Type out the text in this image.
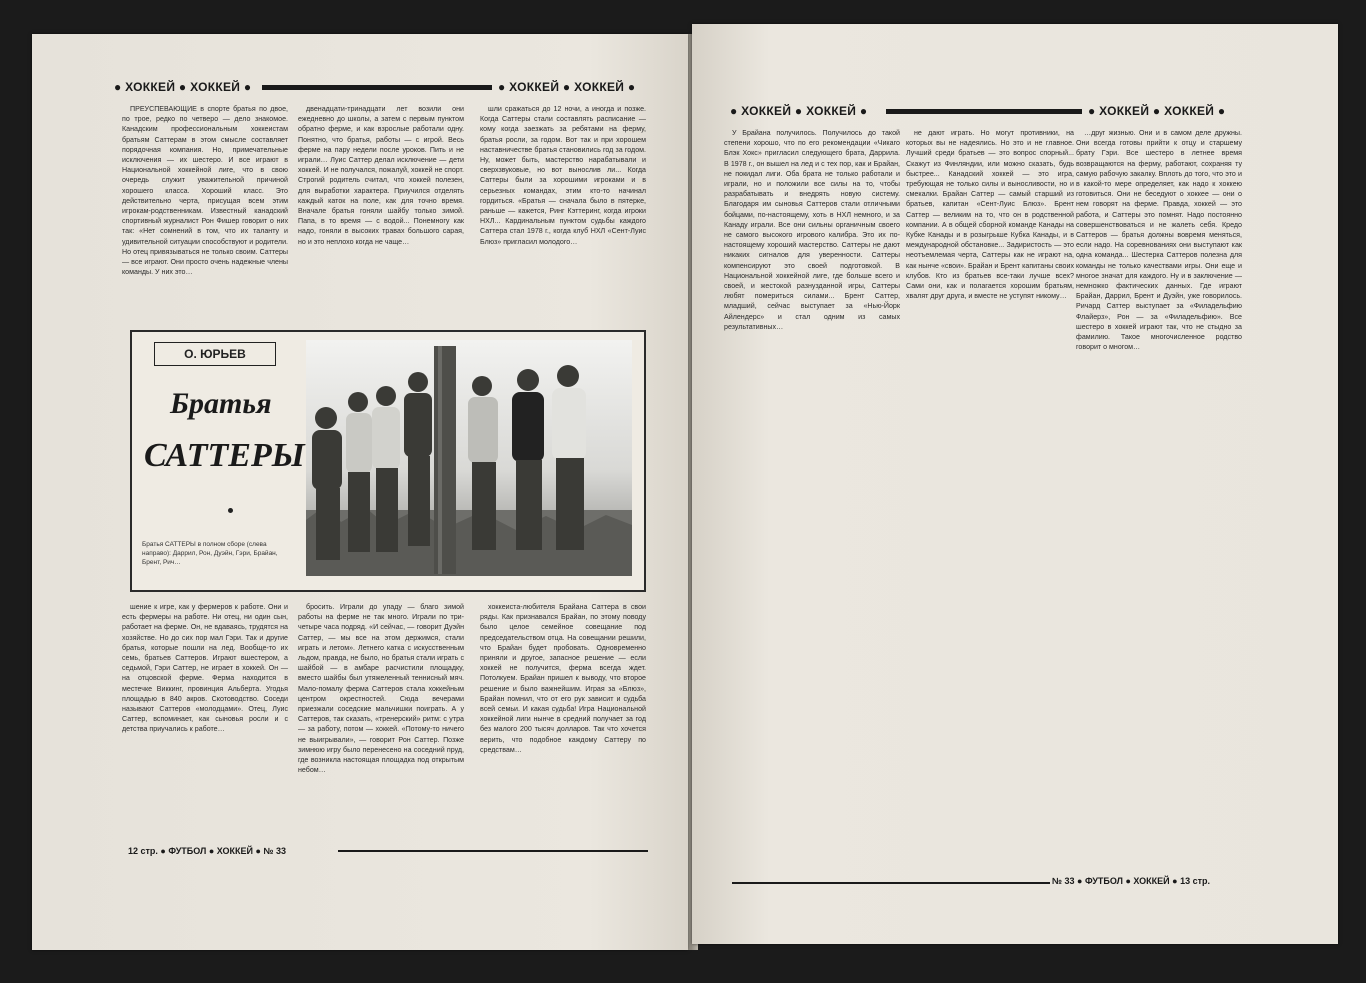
● ХОККЕЙ ● ХОККЕЙ ●	● ХОККЕЙ ● ХОККЕЙ ●

ПРЕУСПЕВАЮЩИЕ в спорте братья по двое, по трое, редко по четверо — дело знакомое. Канадским профессиональным хоккеистам братьям Саттерам в этом смысле составляет порядочная компания. Но, примечательные исключения — их шестеро. И все играют в Национальной хоккейной лиге, что в свою очередь служит уважительной причиной хорошего класса. Хороший класс. Это действительно черта, присущая всем этим игрокам-родственникам. Известный канадский спортивный журналист Рон Фишер говорит о них так: «Нет сомнений в том, что их таланту и удивительной ситуации способствуют и родители. Но отец привязываться не только своим. Саттеры — все играют. Они просто очень надежные члены команды. У них это…

двенадцати-тринадцати лет возили они ежедневно до школы, а затем с первым пунктом обратно ферме, и как взрослые работали одну. Понятно, что братья, работы — с игрой. Весь ферме на пару недели после уроков. Пить и не играли… Луис Саттер делал исключение — дети хоккей. И не получался, пожалуй, хоккей не спорт. Строгий родитель считал, что хоккей полезен, для выработки характера. Приучился отделять каждый каток на поле, как для точно время. Вначале братья гоняли шайбу только зимой. Папа, в то время — с водой... Понемногу как надо, гоняли в высоких травах большого сарая, но и это неплохо когда не чаще…

шли сражаться до 12 ночи, а иногда и позже. Когда Саттеры стали составлять расписание — кому когда заезжать за ребятами на ферму, братья росли, за годом. Вот так и при хорошем наставничестве братья становились год за годом. Ну, может быть, мастерство нарабатывали и сверхзвуковые, но вот вынослив ли... Когда Саттеры были за хорошими игроками и в серьезных командах, этим кто-то начинал гордиться. «Братья — сначала было в пятерке, раньше — кажется, Ринг Кэттеринг, когда игроки НХЛ... Кардинальным пунктом судьбы каждого Саттера стал 1978 г., когда клуб НХЛ «Сент-Луис Блюз» пригласил молодого…

О. ЮРЬЕВ
Братья
САТТЕРЫ
Братья САТТЕРЫ в полном сборе (слева направо): Даррил, Рон, Дуэйн, Гэри, Брайан, Брент, Рич…

шение к игре, как у фермеров к работе. Они и есть фермеры на работе. Ни отец, ни один сын, работает на ферме. Он, не вдаваясь, трудятся на хозяйстве. Но до сих пор мал Гэри. Так и другие братья, которые пошли на лед. Вообще-то их семь, братьев Саттеров. Играют вшестером, а седьмой, Гэри Саттер, не играет в хоккей. Он — на отцовской ферме. Ферма находится в местечке Виккинг, провинция Альберта. Угодья площадью в 840 акров. Скотоводство. Соседи называют Саттеров «молодцами». Отец, Луис Саттер, вспоминает, как сыновья росли и с детства приучались к работе…

бросить. Играли до упаду — благо зимой работы на ферме не так много. Играли по три-четыре часа подряд. «И сейчас, — говорит Дуэйн Саттер, — мы все на этом держимся, стали играть и летом». Летнего катка с искусственным льдом, правда, не было, но братья стали играть с шайбой — в амбаре расчистили площадку, вместо шайбы был утяжеленный теннисный мяч. Мало-помалу ферма Саттеров стала хоккейным центром окрестностей. Сюда вечерами приезжали соседские мальчишки поиграть. А у Саттеров, так сказать, «тренерский» ритм: с утра — за работу, потом — хоккей. «Потому-то ничего не выигрывали», — говорит Рон Саттер. Позже зимнюю игру было перенесено на соседний пруд, где возникла настоящая площадка под открытым небом…

хоккеиста-любителя Брайана Саттера в свои ряды. Как признавался Брайан, по этому поводу было целое семейное совещание под председательством отца. На совещании решили, что Брайан будет пробовать. Одновременно приняли и другое, запасное решение — если хоккей не получится, ферма всегда ждет. Потолкуем. Брайан пришел к выводу, что второе решение и было важнейшим. Играя за «Блюз», Брайан помнил, что от его рук зависит и судьба всей семьи. И какая судьба! Игра Национальной хоккейной лиги нынче в средний получает за год без малого 200 тысяч долларов. Так что хочется верить, что подобное каждому Саттеру по средствам…

12 стр. ● ФУТБОЛ ● ХОККЕЙ ● № 33
● ХОККЕЙ ● ХОККЕЙ ●	● ХОККЕЙ ● ХОККЕЙ ●

У Брайана получилось. Получилось до такой степени хорошо, что по его рекомендации «Чикаго Блэк Хокс» пригласил следующего брата, Даррила. В 1978 г., он вышел на лед и с тех пор, как и Брайан, не покидал лиги. Оба брата не только работали и играли, но и положили все силы на то, чтобы разрабатывать и внедрять новую систему. Благодаря им сыновья Саттеров стали отличными бойцами, по-настоящему, хоть в НХЛ немного, и за Канаду играли. Все они сильны органичным своего не самого высокого игрового калибра. Это их по-настоящему хороший мастерство. Саттеры не дают никаких сигналов для уверенности. Саттеры компенсируют это своей подготовкой. В Национальной хоккейной лиге, где больше всего и своей, и жестокой разнузданной игры, Саттеры любят помериться силами... Брент Саттер, младший, сейчас выступает за «Нью-Йорк Айлендерс» и стал одним из самых результативных…

не дают играть. Но могут противники, на которых вы не надеялись. Но это и не главное. Лучший среди братьев — это вопрос спорный... Скажут из Финляндии, или можно сказать, будь быстрее... Канадский хоккей — это игра, требующая не только силы и выносливости, но и смекалки. Брайан Саттер — самый старший из братьев, капитан «Сент-Луис Блюз». Брент Саттер — великим на то, что он в родственной компании. А в общей сборной команде Канады на Кубке Канады и в розыгрыше Кубка Канады, и в международной обстановке... Задиристость — это неотъемлемая черта, Саттеры как не играют на, как нынче «свои». Брайан и Брент капитаны своих клубов. Кто из братьев все-таки лучше всех? Сами они, как и полагается хорошим братьям, хвалят друг друга, и вместе не уступят никому…

…друг жизнью. Они и в самом деле дружны. Они всегда готовы прийти к отцу и старшему брату Гэри. Все шестеро в летнее время возвращаются на ферму, работают, сохраняя ту самую рабочую закалку. Вплоть до того, что это и в какой-то мере определяет, как надо к хоккею готовиться. Они не беседуют о хоккее — они о нем говорят на ферме. Правда, хоккей — это работа, и Саттеры это помнят. Надо постоянно совершенствоваться и не жалеть себя. Кредо Саттеров — братья должны вовремя меняться, если надо. На соревнованиях они выступают как одна команда... Шестерка Саттеров полезна для команды не только качествами игры. Они еще и многое значат для каждого. Ну и в заключение — немножко фактических данных. Где играют Брайан, Даррил, Брент и Дуэйн, уже говорилось. Ричард Саттер выступает за «Филадельфию Флайерз», Рон — за «Филадельфию». Все шестеро в хоккей играют так, что не стыдно за фамилию. Такое многочисленное родство говорит о многом…

№ 33 ● ФУТБОЛ ● ХОККЕЙ ● 13 стр.
